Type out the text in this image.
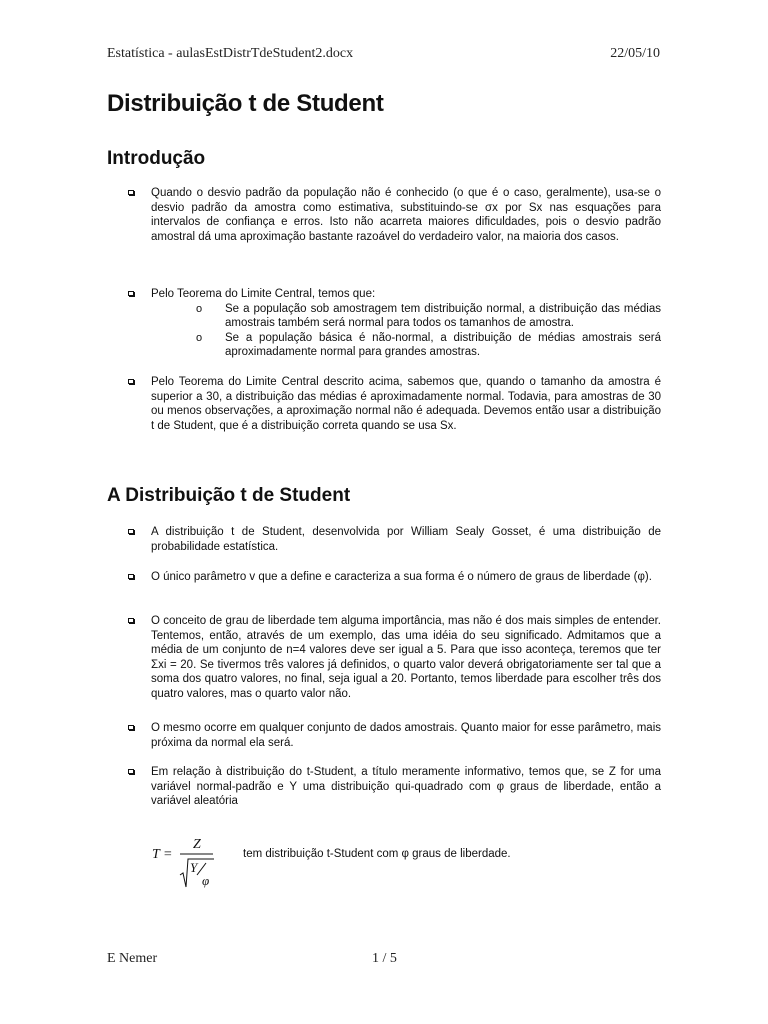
Estatística - aulasEstDistrTdeStudent2.docx	22/05/10
Distribuição t de Student
Introdução
Quando o desvio padrão da população não é conhecido (o que é o caso, geralmente), usa-se o desvio padrão da amostra como estimativa, substituindo-se σx por Sx nas esquações para intervalos de confiança e erros. Isto não acarreta maiores dificuldades, pois o desvio padrão amostral dá uma aproximação bastante razoável do verdadeiro valor, na maioria dos casos.
Pelo Teorema do Limite Central, temos que:
o Se a população sob amostragem tem distribuição normal, a distribuição das médias amostrais também será normal para todos os tamanhos de amostra.
o Se a população básica é não-normal, a distribuição de médias amostrais será aproximadamente normal para grandes amostras.
Pelo Teorema do Limite Central descrito acima, sabemos que, quando o tamanho da amostra é superior a 30, a distribuição das médias é aproximadamente normal. Todavia, para amostras de 30 ou menos observações, a aproximação normal não é adequada. Devemos então usar a distribuição t de Student, que é a distribuição correta quando se usa Sx.
A Distribuição t de Student
A distribuição t de Student, desenvolvida por William Sealy Gosset, é uma distribuição de probabilidade estatística.
O único parâmetro v que a define e caracteriza a sua forma é o número de graus de liberdade (φ).
O conceito de grau de liberdade tem alguma importância, mas não é dos mais simples de entender. Tentemos, então, através de um exemplo, das uma idéia do seu significado. Admitamos que a média de um conjunto de n=4 valores deve ser igual a 5. Para que isso aconteça, teremos que ter Σxi = 20. Se tivermos três valores já definidos, o quarto valor deverá obrigatoriamente ser tal que a soma dos quatro valores, no final, seja igual a 20. Portanto, temos liberdade para escolher três dos quatro valores, mas o quarto valor não.
O mesmo ocorre em qualquer conjunto de dados amostrais. Quanto maior for esse parâmetro, mais próxima da normal ela será.
Em relação à distribuição do t-Student, a título meramente informativo, temos que, se Z for uma variável normal-padrão e Y uma distribuição qui-quadrado com φ graus de liberdade, então a variável aleatória
T =
Z
Y
φ
tem distribuição t-Student com φ graus de liberdade.
E Nemer	1 / 5
